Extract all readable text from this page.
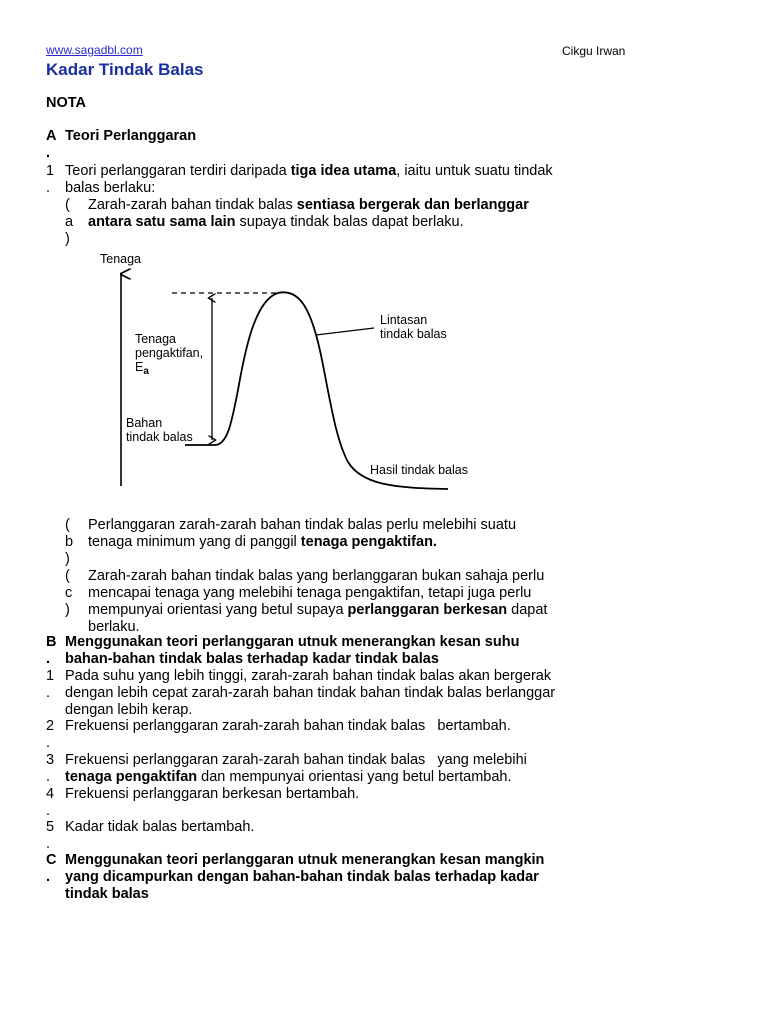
www.sagadbl.com	Cikgu Irwan
Kadar Tindak Balas
NOTA
A
.
Teori Perlanggaran
1
.
Teori perlanggaran terdiri daripada tiga idea utama, iaitu untuk suatu tindak
balas berlaku:
(
a
)
Zarah-zarah bahan tindak balas sentiasa bergerak dan berlanggar
antara satu sama lain supaya tindak balas dapat berlaku.
Tenaga
Tenaga
pengaktifan,
$E_a$
Bahan
tindak balas
Lintasan
tindak balas
Hasil tindak balas
(
b
)
Perlanggaran zarah-zarah bahan tindak balas perlu melebihi suatu
tenaga minimum yang di panggil tenaga pengaktifan.
(
c
)
Zarah-zarah bahan tindak balas yang berlanggaran bukan sahaja perlu
mencapai tenaga yang melebihi tenaga pengaktifan, tetapi juga perlu
mempunyai orientasi yang betul supaya perlanggaran berkesan dapat
berlaku.
B
.
Menggunakan teori perlanggaran utnuk menerangkan kesan suhu
bahan-bahan tindak balas terhadap kadar tindak balas
1
.
Pada suhu yang lebih tinggi, zarah-zarah bahan tindak balas akan bergerak
dengan lebih cepat zarah-zarah bahan tindak bahan tindak balas berlanggar
dengan lebih kerap.
2
.
Frekuensi perlanggaran zarah-zarah bahan tindak balas   bertambah.
3
.
Frekuensi perlanggaran zarah-zarah bahan tindak balas   yang melebihi
tenaga pengaktifan dan mempunyai orientasi yang betul bertambah.
4
.
Frekuensi perlanggaran berkesan bertambah.
5
.
Kadar tidak balas bertambah.
C
.
Menggunakan teori perlanggaran utnuk menerangkan kesan mangkin
yang dicampurkan dengan bahan-bahan tindak balas terhadap kadar
tindak balas
